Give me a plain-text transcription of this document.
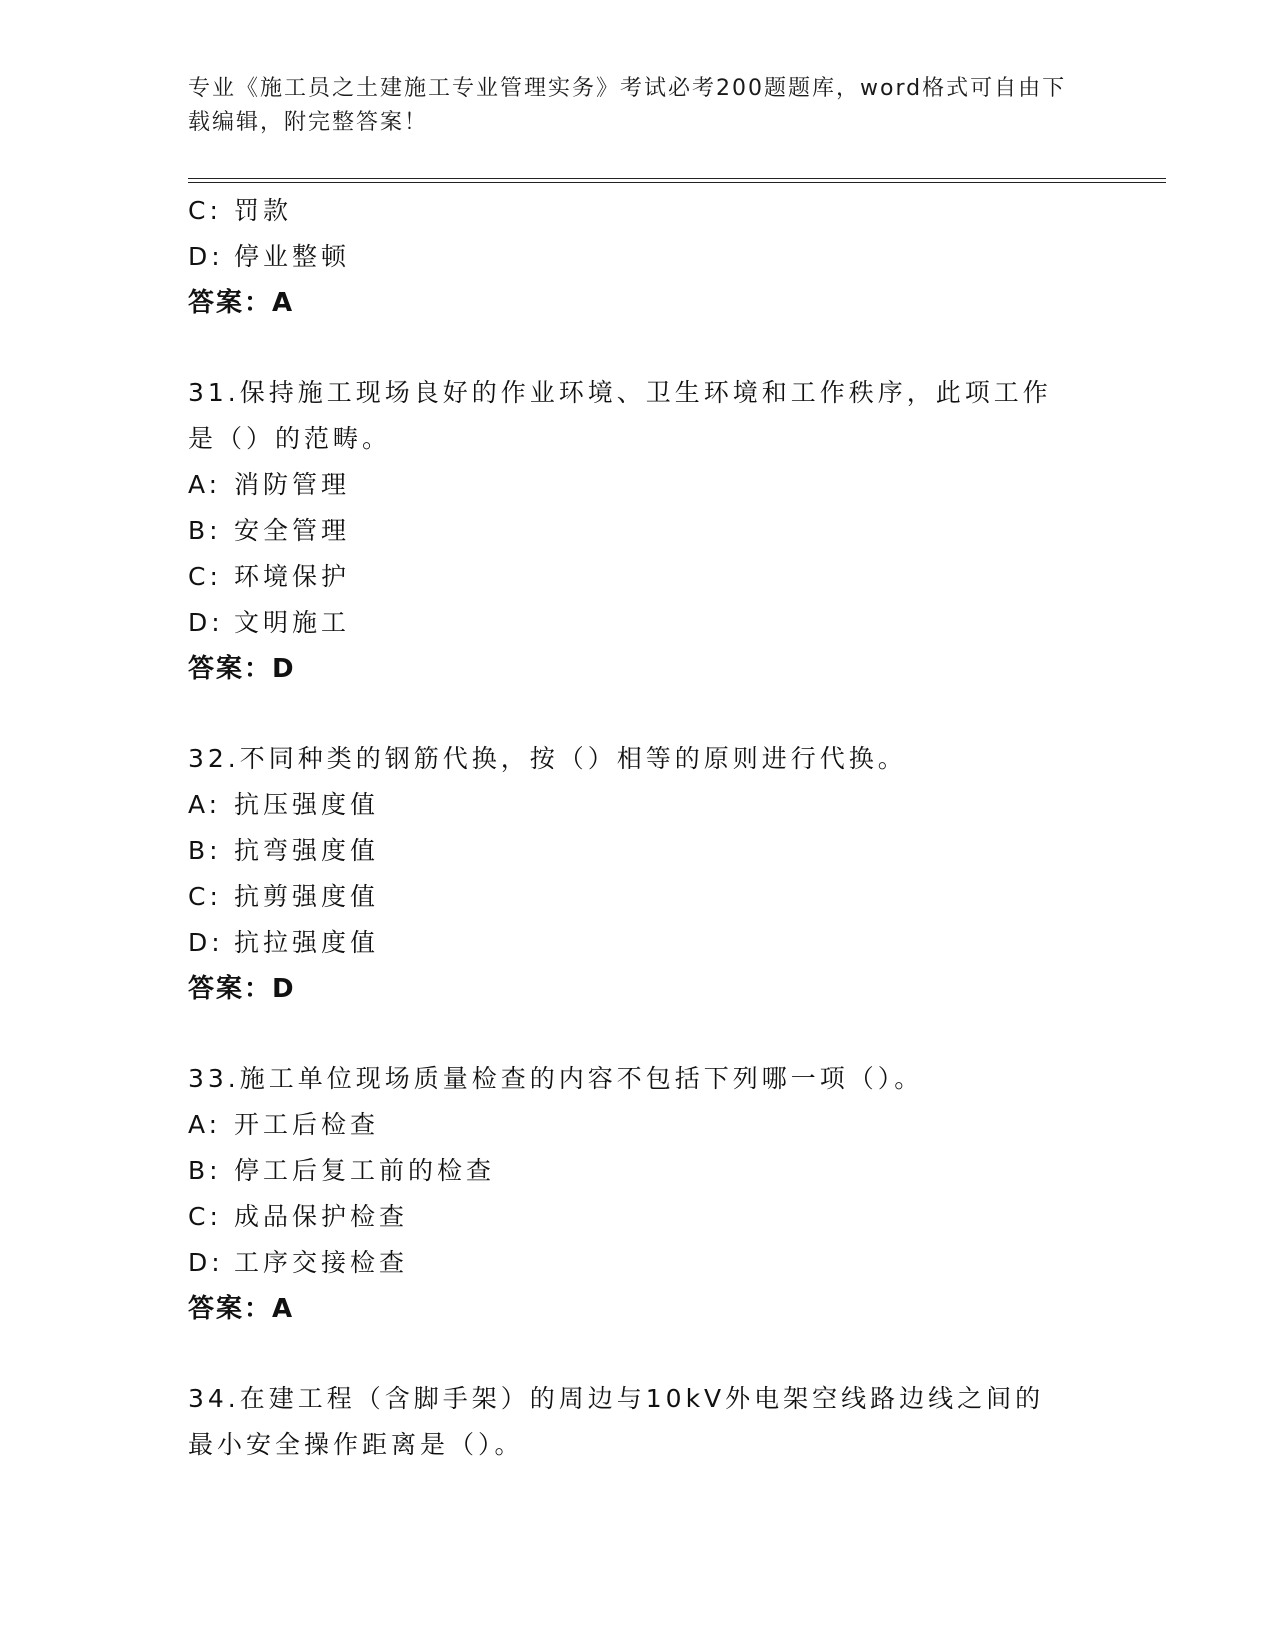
专业《施工员之土建施工专业管理实务》考试必考200题题库，word格式可自由下载编辑，附完整答案！
C: 罚款
D: 停业整顿
答案：A
31.保持施工现场良好的作业环境、卫生环境和工作秩序，此项工作是（）的范畴。
A: 消防管理
B: 安全管理
C: 环境保护
D: 文明施工
答案：D
32.不同种类的钢筋代换，按（）相等的原则进行代换。
A: 抗压强度值
B: 抗弯强度值
C: 抗剪强度值
D: 抗拉强度值
答案：D
33.施工单位现场质量检查的内容不包括下列哪一项（）。
A: 开工后检查
B: 停工后复工前的检查
C: 成品保护检查
D: 工序交接检查
答案：A
34.在建工程（含脚手架）的周边与10kV外电架空线路边线之间的最小安全操作距离是（）。
